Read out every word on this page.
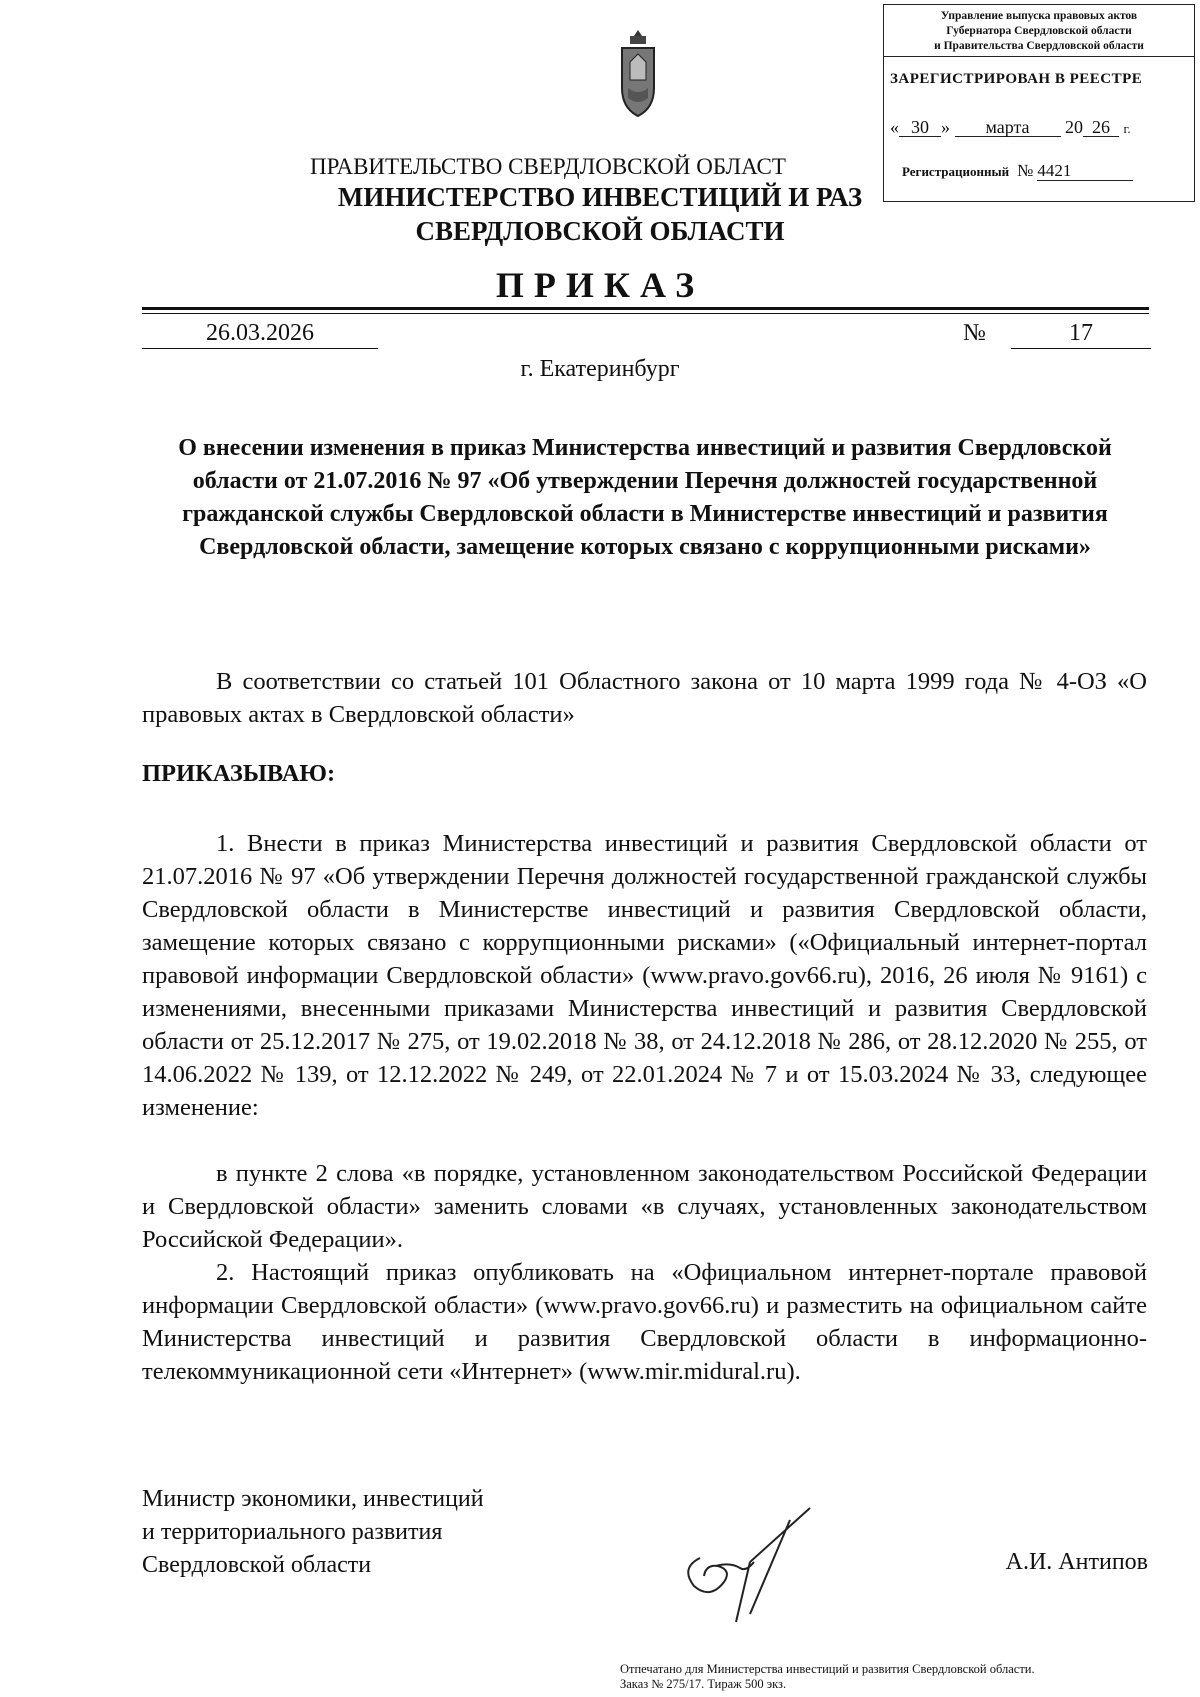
Управление выпуска правовых актов
Губернатора Свердловской области
и Правительства Свердловской области
ЗАРЕГИСТРИРОВАН В РЕЕСТРЕ
« 30 » марта 20 26 г.
Регистрационный № 4421
ПРАВИТЕЛЬСТВО СВЕРДЛОВСКОЙ ОБЛАСТ
МИНИСТЕРСТВО ИНВЕСТИЦИЙ И РАЗ
СВЕРДЛОВСКОЙ ОБЛАСТИ
ПРИКАЗ
26.03.2026	№	17
г. Екатеринбург
О внесении изменения в приказ Министерства инвестиций и развития Свердловской области от 21.07.2016 № 97 «Об утверждении Перечня должностей государственной гражданской службы Свердловской области в Министерстве инвестиций и развития Свердловской области, замещение которых связано с коррупционными рисками»
В соответствии со статьей 101 Областного закона от 10 марта 1999 года № 4-ОЗ «О правовых актах в Свердловской области»
ПРИКАЗЫВАЮ:
1. Внести в приказ Министерства инвестиций и развития Свердловской области от 21.07.2016 № 97 «Об утверждении Перечня должностей государственной гражданской службы Свердловской области в Министерстве инвестиций и развития Свердловской области, замещение которых связано с коррупционными рисками» («Официальный интернет-портал правовой информации Свердловской области» (www.pravo.gov66.ru), 2016, 26 июля № 9161) с изменениями, внесенными приказами Министерства инвестиций и развития Свердловской области от 25.12.2017 № 275, от 19.02.2018 № 38, от 24.12.2018 № 286, от 28.12.2020 № 255, от 14.06.2022 № 139, от 12.12.2022 № 249, от 22.01.2024 № 7 и от 15.03.2024 № 33, следующее изменение:
в пункте 2 слова «в порядке, установленном законодательством Российской Федерации и Свердловской области» заменить словами «в случаях, установленных законодательством Российской Федерации».
2. Настоящий приказ опубликовать на «Официальном интернет-портале правовой информации Свердловской области» (www.pravo.gov66.ru) и разместить на официальном сайте Министерства инвестиций и развития Свердловской области в информационно-телекоммуникационной сети «Интернет» (www.mir.midural.ru).
Министр экономики, инвестиций
и территориального развития
Свердловской области	А.И. Антипов
Отпечатано для Министерства инвестиций и развития Свердловской области.
Заказ № 275/17. Тираж 500 экз.
